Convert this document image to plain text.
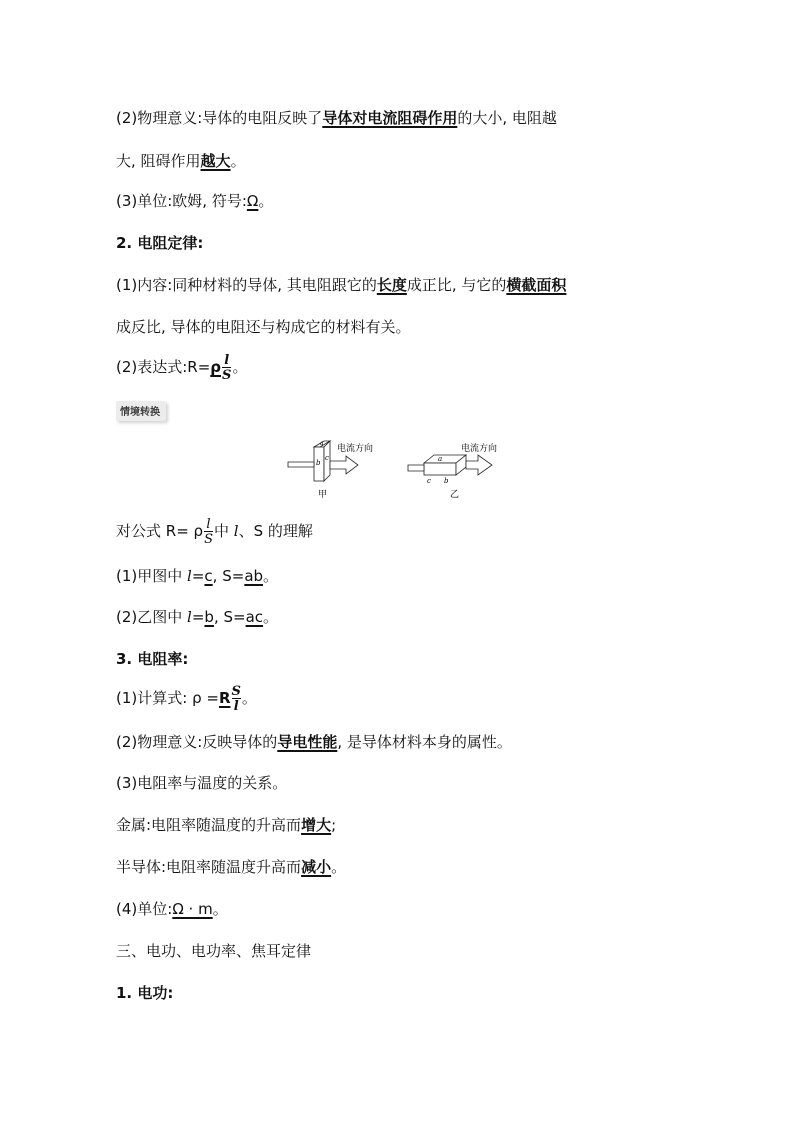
(2)物理意义:导体的电阻反映了导体对电流阻碍作用的大小, 电阻越
大, 阻碍作用越大。
(3)单位:欧姆, 符号:Ω。
2. 电阻定律:
(1)内容:同种材料的导体, 其电阻跟它的长度成正比, 与它的横截面积
成反比, 导体的电阻还与构成它的材料有关。
(2)表达式:R=ρ $\frac{l}{S}$ 。
情境转换
b
c
a
电流方向
甲
a
c b
电流方向
乙
对公式 R= ρ $\frac{l}{S}$ 中 l、S 的理解
(1)甲图中 l=c, S=ab。
(2)乙图中 l=b, S=ac。
3. 电阻率:
(1)计算式: $\rho =R \frac{S}{l}$ 。
(2)物理意义:反映导体的导电性能, 是导体材料本身的属性。
(3)电阻率与温度的关系。
金属:电阻率随温度的升高而增大;
半导体:电阻率随温度升高而减小。
(4)单位:Ω · m。
三、电功、电功率、焦耳定律
1. 电功:
